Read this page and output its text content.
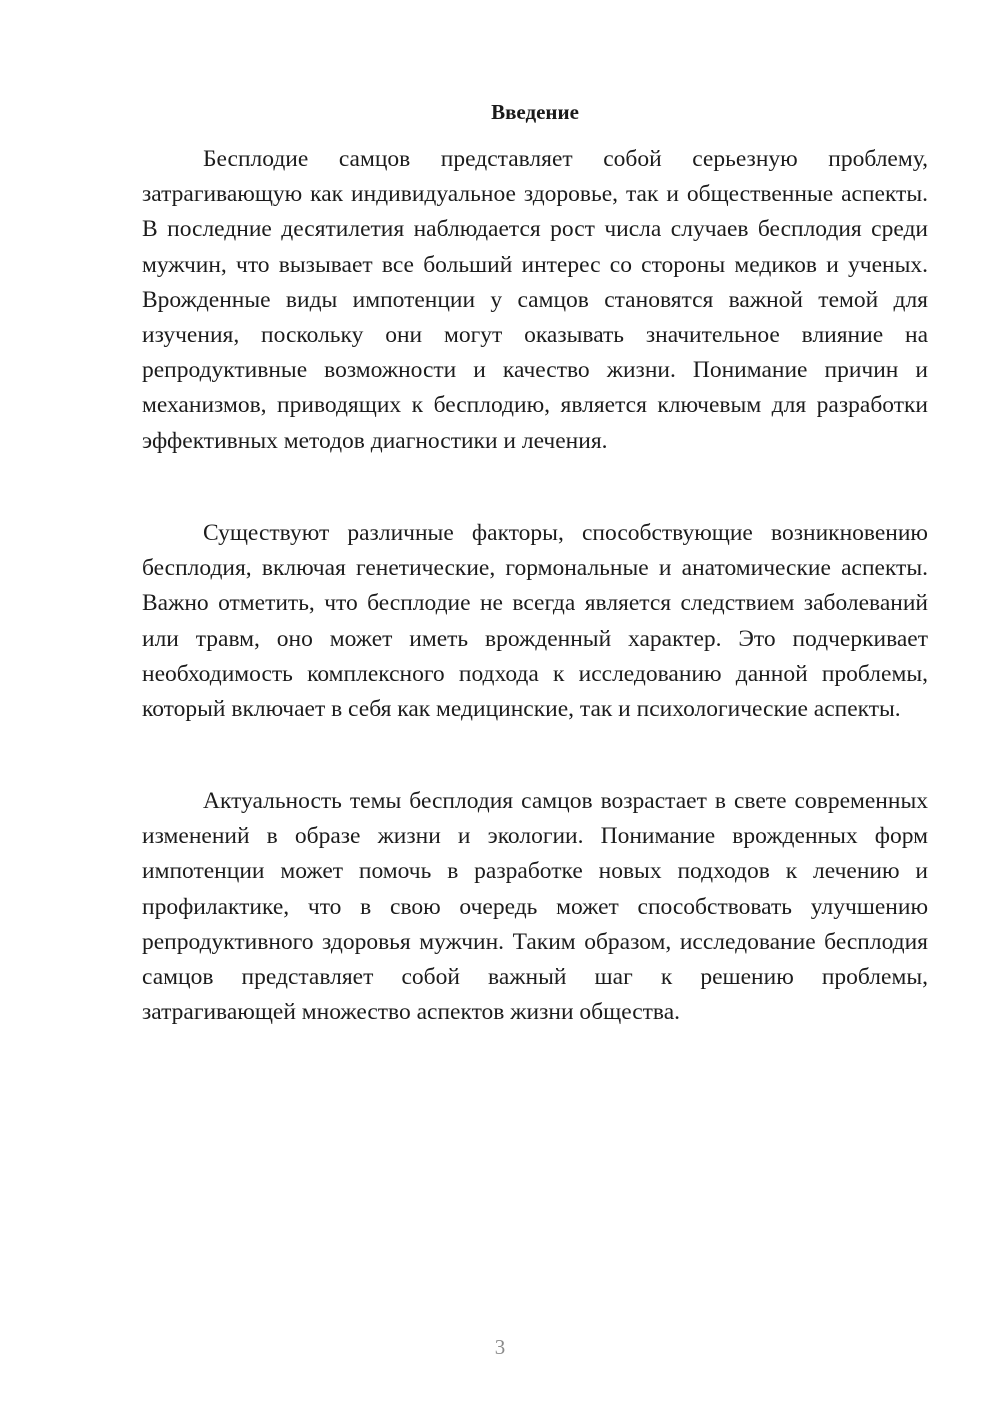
Введение

Бесплодие самцов представляет собой серьезную проблему, затрагивающую как индивидуальное здоровье, так и общественные аспекты. В последние десятилетия наблюдается рост числа случаев бесплодия среди мужчин, что вызывает все больший интерес со стороны медиков и ученых. Врожденные виды импотенции у самцов становятся важной темой для изучения, поскольку они могут оказывать значительное влияние на репродуктивные возможности и качество жизни. Понимание причин и механизмов, приводящих к бесплодию, является ключевым для разработки эффективных методов диагностики и лечения.

Существуют различные факторы, способствующие возникновению бесплодия, включая генетические, гормональные и анатомические аспекты. Важно отметить, что бесплодие не всегда является следствием заболеваний или травм, оно может иметь врожденный характер. Это подчеркивает необходимость комплексного подхода к исследованию данной проблемы, который включает в себя как медицинские, так и психологические аспекты.

Актуальность темы бесплодия самцов возрастает в свете современных изменений в образе жизни и экологии. Понимание врожденных форм импотенции может помочь в разработке новых подходов к лечению и профилактике, что в свою очередь может способствовать улучшению репродуктивного здоровья мужчин. Таким образом, исследование бесплодия самцов представляет собой важный шаг к решению проблемы, затрагивающей множество аспектов жизни общества.

3
